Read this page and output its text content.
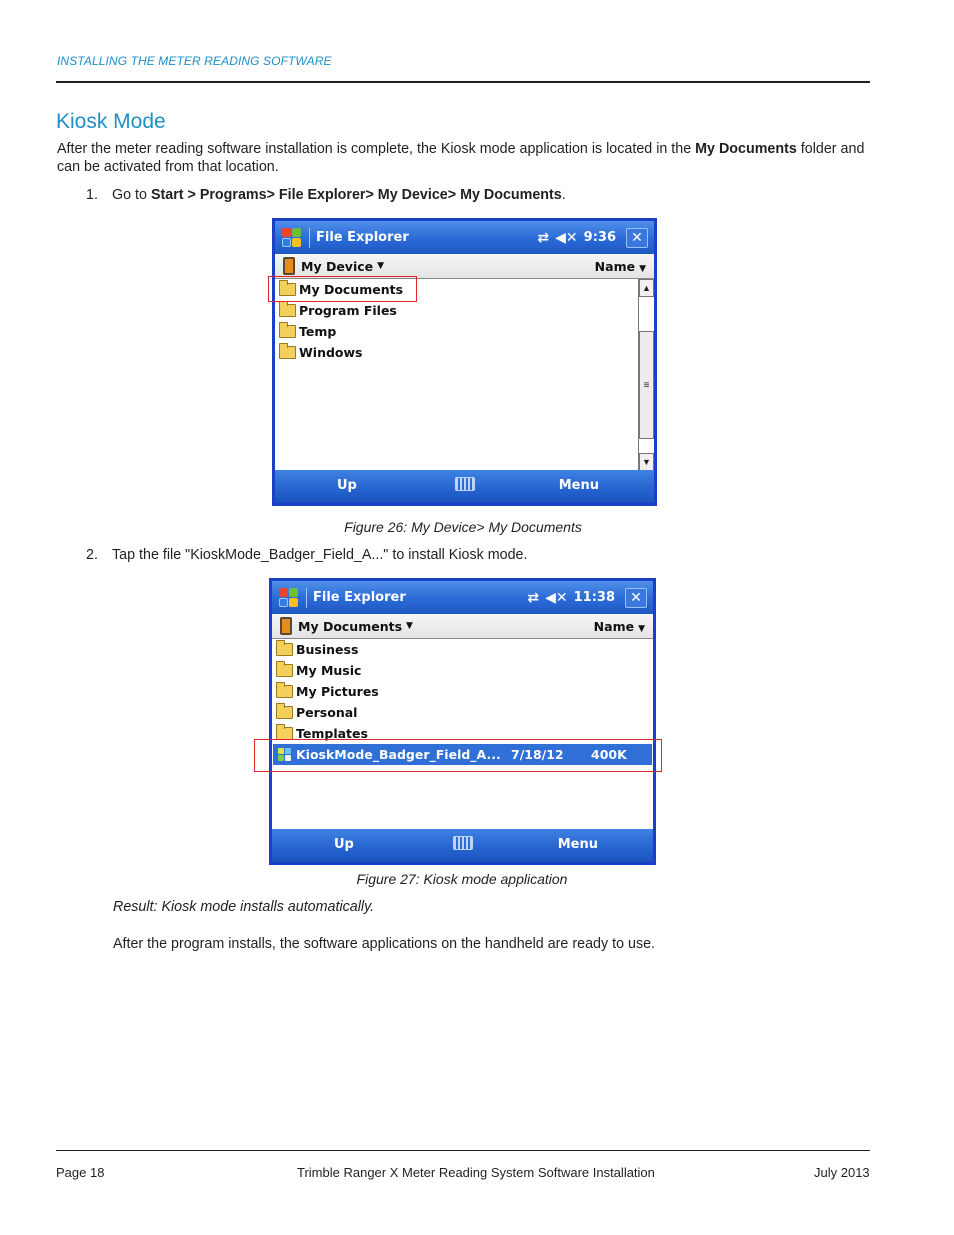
INSTALLING THE METER READING SOFTWARE
Kiosk Mode

After the meter reading software installation is complete, the Kiosk mode application is located in the My Documents folder and can be activated from that location.

1. Go to Start > Programs> File Explorer> My Device> My Documents.
File Explorer	⇄ ◀✕ 9:36	✕
My Device ▼	Name ▼
My Documents
Program Files
Temp
Windows
▲
≡
▼
Up	Menu
Figure 26: My Device> My Documents
2. Tap the file "KioskMode_Badger_Field_A..." to install Kiosk mode.
File Explorer	⇄ ◀✕ 11:38	✕
My Documents ▼	Name ▼
Business
My Music
My Pictures
Personal
Templates
KioskMode_Badger_Field_A... 7/18/12	400K
Up	Menu
Figure 27: Kiosk mode application
Result: Kiosk mode installs automatically.
After the program installs, the software applications on the handheld are ready to use.
Page 18	Trimble Ranger X Meter Reading System Software Installation	July 2013
